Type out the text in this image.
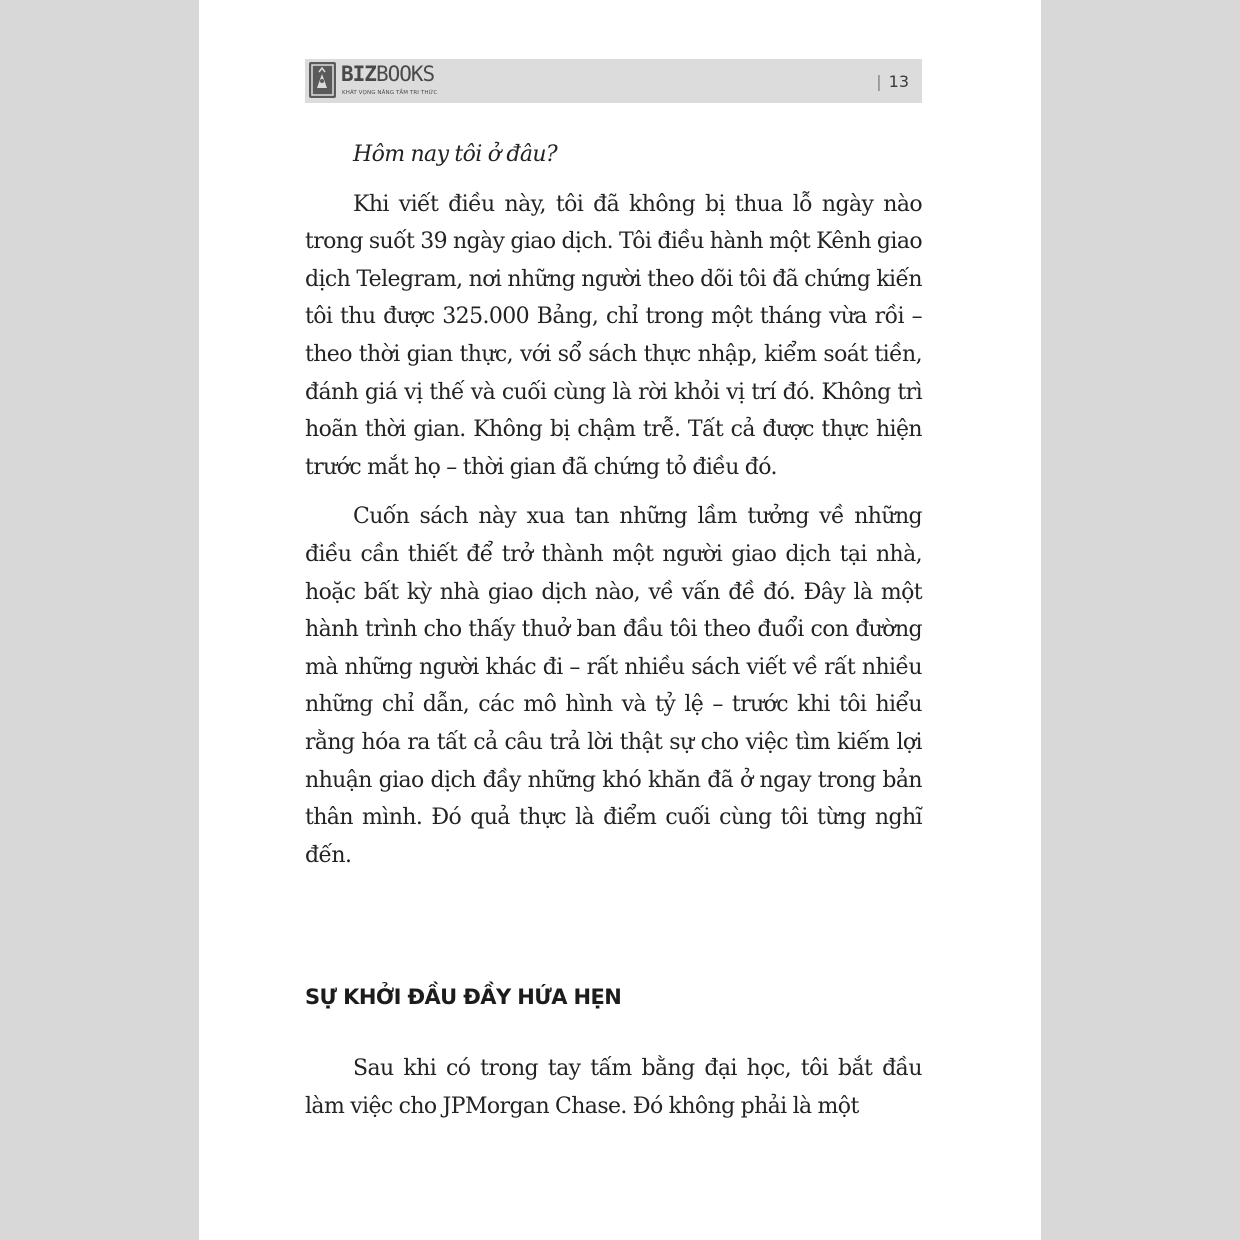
BIZBOOKS
KHÁT VỌNG NÂNG TẦM TRI THỨC
| 13

Hôm nay tôi ở đâu?

Khi viết điều này, tôi đã không bị thua lỗ ngày nào trong suốt 39 ngày giao dịch. Tôi điều hành một Kênh giao dịch Telegram, nơi những người theo dõi tôi đã chứng kiến tôi thu được 325.000 Bảng, chỉ trong một tháng vừa rồi – theo thời gian thực, với sổ sách thực nhập, kiểm soát tiền, đánh giá vị thế và cuối cùng là rời khỏi vị trí đó. Không trì hoãn thời gian. Không bị chậm trễ. Tất cả được thực hiện trước mắt họ – thời gian đã chứng tỏ điều đó.

Cuốn sách này xua tan những lầm tưởng về những điều cần thiết để trở thành một người giao dịch tại nhà, hoặc bất kỳ nhà giao dịch nào, về vấn đề đó. Đây là một hành trình cho thấy thuở ban đầu tôi theo đuổi con đường mà những người khác đi – rất nhiều sách viết về rất nhiều những chỉ dẫn, các mô hình và tỷ lệ – trước khi tôi hiểu rằng hóa ra tất cả câu trả lời thật sự cho việc tìm kiếm lợi nhuận giao dịch đầy những khó khăn đã ở ngay trong bản thân mình. Đó quả thực là điểm cuối cùng tôi từng nghĩ đến.

SỰ KHỞI ĐẦU ĐẦY HỨA HẸN

Sau khi có trong tay tấm bằng đại học, tôi bắt đầu làm việc cho JPMorgan Chase. Đó không phải là một
